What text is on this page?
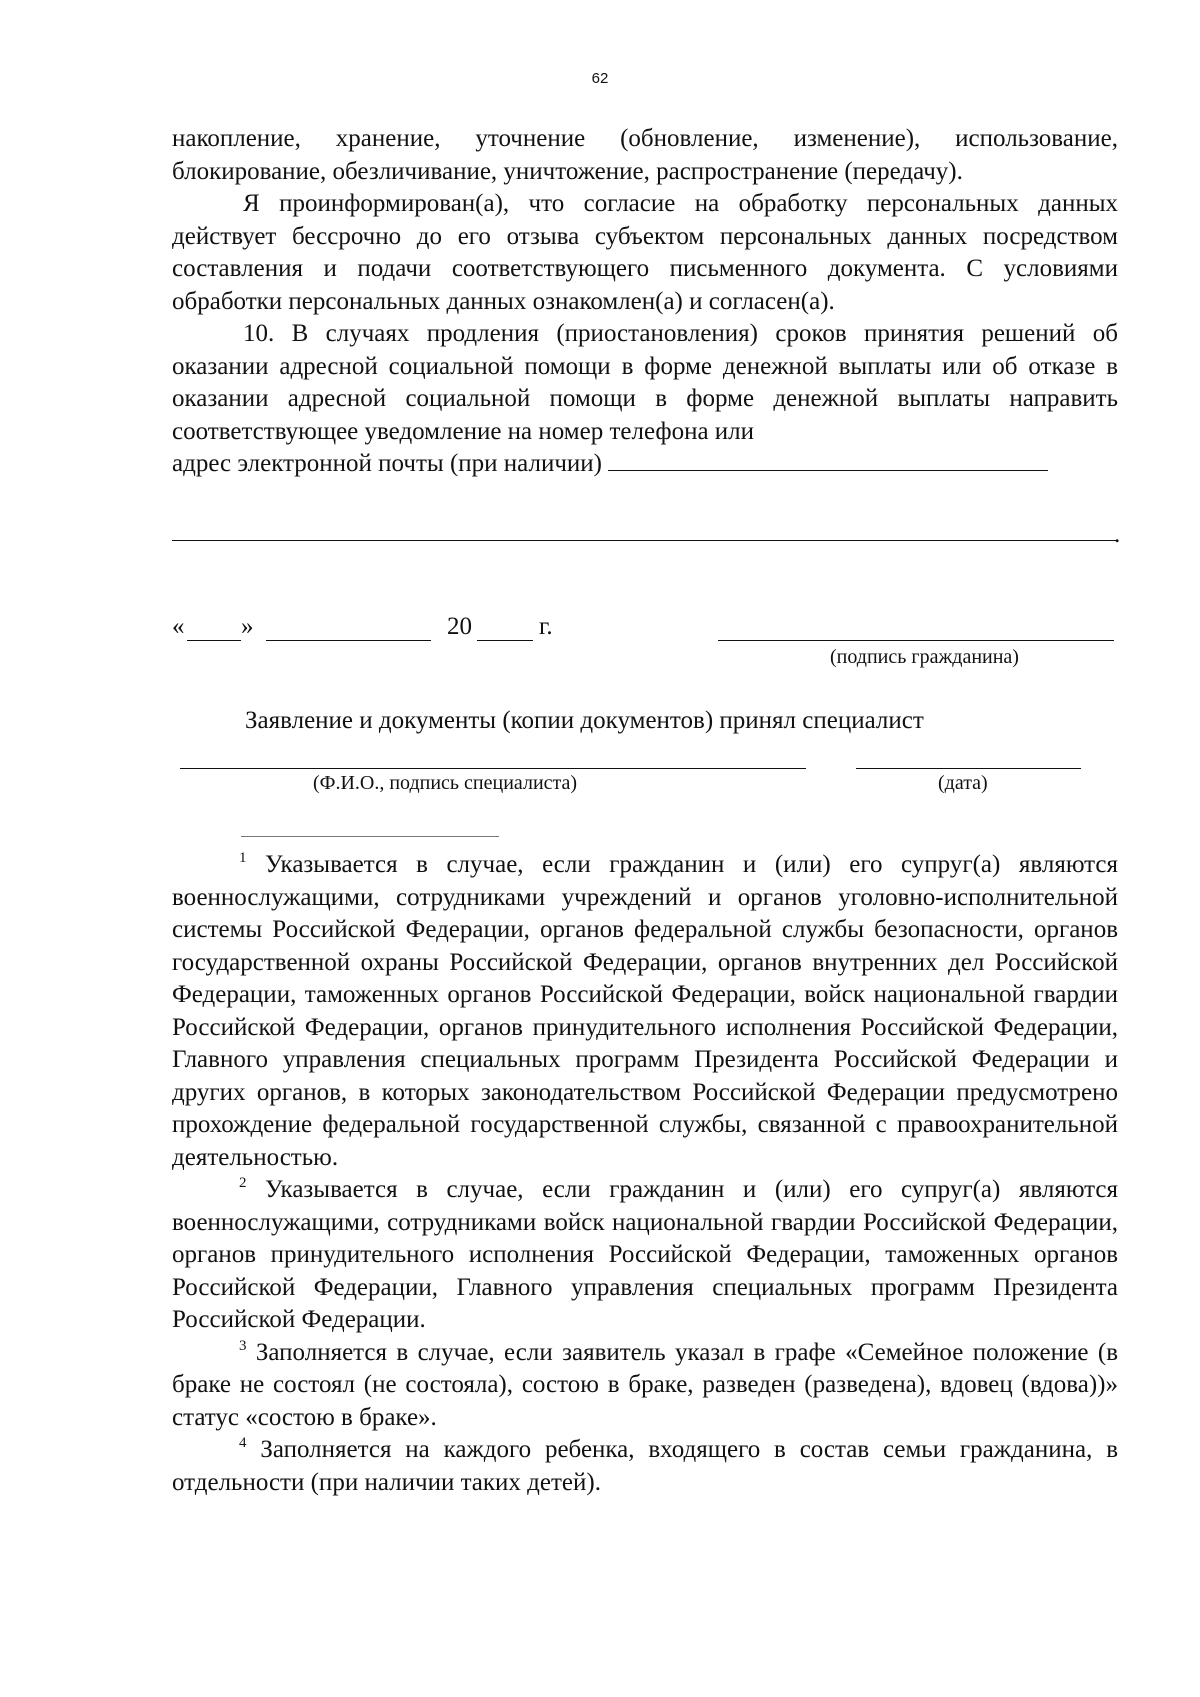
62

накопление, хранение, уточнение (обновление, изменение), использование, блокирование, обезличивание, уничтожение, распространение (передачу).

Я проинформирован(а), что согласие на обработку персональных данных действует бессрочно до его отзыва субъектом персональных данных посредством составления и подачи соответствующего письменного документа. С условиями обработки персональных данных ознакомлен(а) и согласен(а).

10. В случаях продления (приостановления) сроков принятия решений об оказании адресной социальной помощи в форме денежной выплаты или об отказе в оказании адресной социальной помощи в форме денежной выплаты направить соответствующее уведомление на номер телефона или

адрес электронной почты (при наличии)

.
« »	20	г.
(подпись гражданина)
Заявление и документы (копии документов) принял специалист
(Ф.И.О., подпись специалиста)	(дата)

$^1$ Указывается в случае, если гражданин и (или) его супруг(а) являются военнослужащими, сотрудниками учреждений и органов уголовно-исполнительной системы Российской Федерации, органов федеральной службы безопасности, органов государственной охраны Российской Федерации, органов внутренних дел Российской Федерации, таможенных органов Российской Федерации, войск национальной гвардии Российской Федерации, органов принудительного исполнения Российской Федерации, Главного управления специальных программ Президента Российской Федерации и других органов, в которых законодательством Российской Федерации предусмотрено прохождение федеральной государственной службы, связанной с правоохранительной деятельностью.

$^2$ Указывается в случае, если гражданин и (или) его супруг(а) являются военнослужащими, сотрудниками войск национальной гвардии Российской Федерации, органов принудительного исполнения Российской Федерации, таможенных органов Российской Федерации, Главного управления специальных программ Президента Российской Федерации.

$^3$ Заполняется в случае, если заявитель указал в графе «Семейное положение (в браке не состоял (не состояла), состою в браке, разведен (разведена), вдовец (вдова))» статус «состою в браке».

$^4$ Заполняется на каждого ребенка, входящего в состав семьи гражданина, в отдельности (при наличии таких детей).
